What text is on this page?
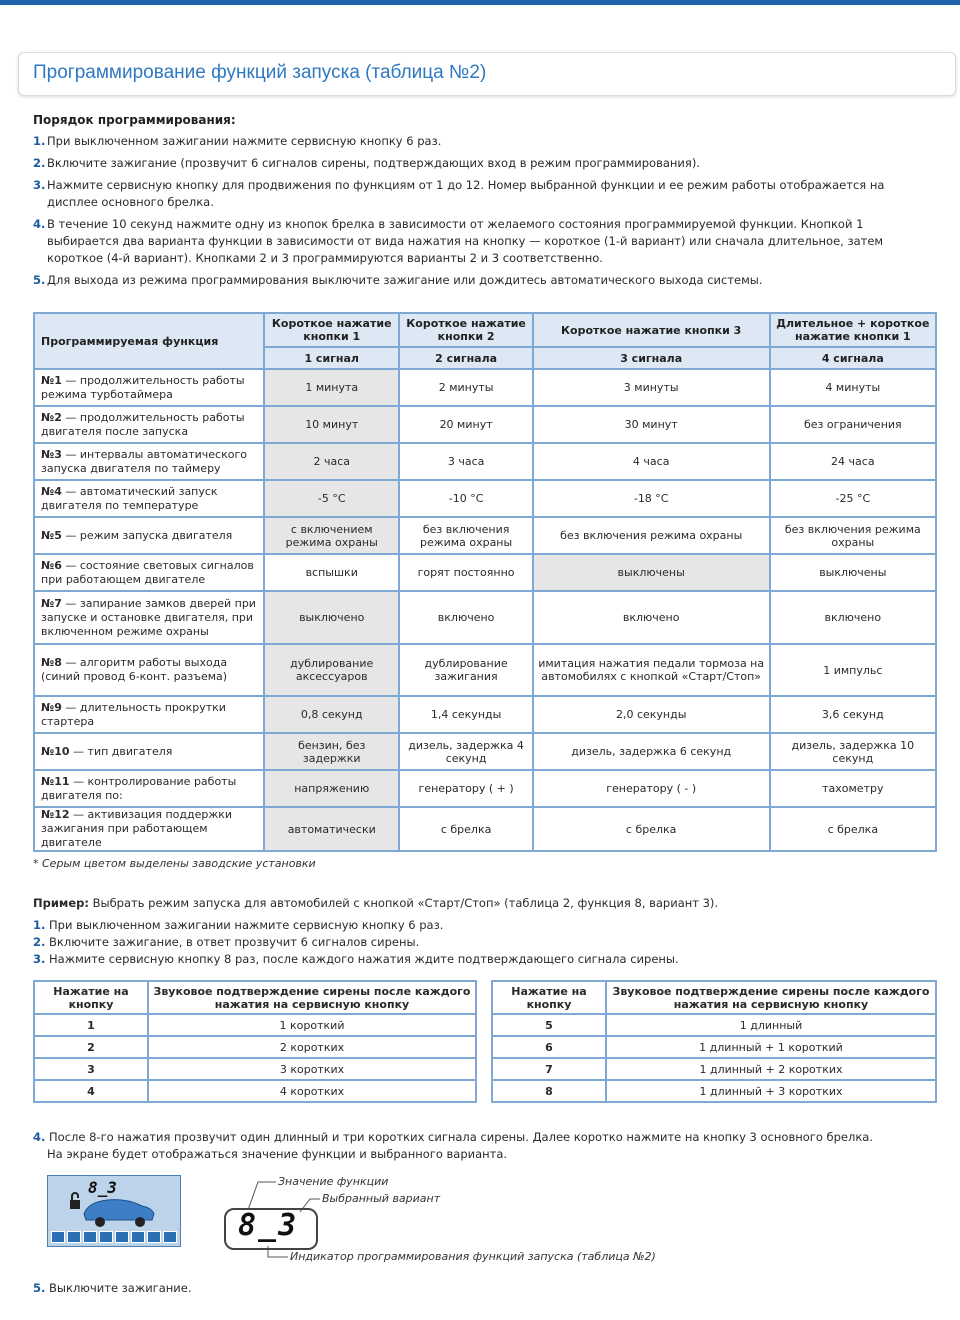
Программирование функций запуска (таблица №2)
Порядок программирования:
1. При выключенном зажигании нажмите сервисную кнопку 6 раз.
2. Включите зажигание (прозвучит 6 сигналов сирены, подтверждающих вход в режим программирования).
3. Нажмите сервисную кнопку для продвижения по функциям от 1 до 12. Номер выбранной функции и ее режим работы отображается на дисплее основного брелка.
4. В течение 10 секунд нажмите одну из кнопок брелка в зависимости от желаемого состояния программируемой функции. Кнопкой 1 выбирается два варианта функции в зависимости от вида нажатия на кнопку — короткое (1-й вариант) или сначала длительное, затем короткое (4-й вариант). Кнопками 2 и 3 программируются варианты 2 и 3 соответственно.
5. Для выхода из режима программирования выключите зажигание или дождитесь автоматического выхода системы.
Программируемая функция	Короткое нажатие кнопки 1	Короткое нажатие кнопки 2	Короткое нажатие кнопки 3	Длительное + короткое нажатие кнопки 1
	1 сигнал	2 сигнала	3 сигнала	4 сигнала
№1 — продолжительность работы режима турботаймера	1 минута	2 минуты	3 минуты	4 минуты
№2 — продолжительность работы двигателя после запуска	10 минут	20 минут	30 минут	без ограничения
№3 — интервалы автоматического запуска двигателя по таймеру	2 часа	3 часа	4 часа	24 часа
№4 — автоматический запуск двигателя по температуре	-5 °С	-10 °С	-18 °С	-25 °С
№5 — режим запуска двигателя	с включением режима охраны	без включения режима охраны	без включения режима охраны	без включения режима охраны
№6 — состояние световых сигналов при работающем двигателе	вспышки	горят постоянно	выключены	выключены
№7 — запирание замков дверей при запуске и остановке двигателя, при включенном режиме охраны	выключено	включено	включено	включено
№8 — алгоритм работы выхода (синий провод 6-конт. разъема)	дублирование аксессуаров	дублирование зажигания	имитация нажатия педали тормоза на автомобилях с кнопкой «Старт/Стоп»	1 импульс
№9 — длительность прокрутки стартера	0,8 секунд	1,4 секунды	2,0 секунды	3,6 секунд
№10 — тип двигателя	бензин, без задержки	дизель, задержка 4 секунд	дизель, задержка 6 секунд	дизель, задержка 10 секунд
№11 — контролирование работы двигателя по:	напряжению	генератору ( + )	генератору ( - )	тахометру
№12 — активизация поддержки зажигания при работающем двигателе	автоматически	с брелка	с брелка	с брелка
* Серым цветом выделены заводские установки
Пример: Выбрать режим запуска для автомобилей с кнопкой «Старт/Стоп» (таблица 2, функция 8, вариант 3).
1. При выключенном зажигании нажмите сервисную кнопку 6 раз.
2. Включите зажигание, в ответ прозвучит 6 сигналов сирены.
3. Нажмите сервисную кнопку 8 раз, после каждого нажатия ждите подтверждающего сигнала сирены.
Нажатие на кнопку	Звуковое подтверждение сирены после каждого нажатия на сервисную кнопку
1	1 короткий
2	2 коротких
3	3 коротких
4	4 коротких
Нажатие на кнопку	Звуковое подтверждение сирены после каждого нажатия на сервисную кнопку
5	1 длинный
6	1 длинный + 1 короткий
7	1 длинный + 2 коротких
8	1 длинный + 3 коротких
4. После 8-го нажатия прозвучит один длинный и три коротких сигнала сирены. Далее коротко нажмите на кнопку 3 основного брелка.
На экране будет отображаться значение функции и выбранного варианта.
8_3
8_3
Значение функции
Выбранный вариант
Индикатор программирования функций запуска (таблица №2)
5. Выключите зажигание.
